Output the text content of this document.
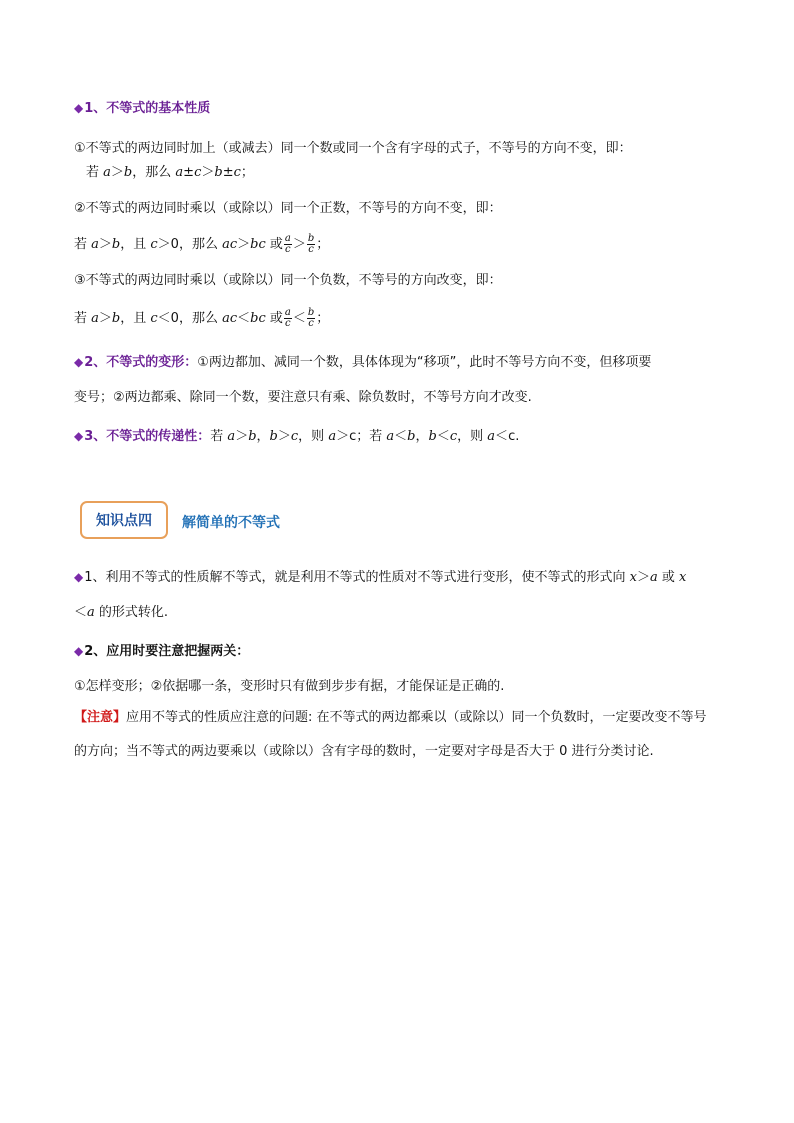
◆1、不等式的基本性质
①不等式的两边同时加上（或减去）同一个数或同一个含有字母的式子，不等号的方向不变，即：
若 a＞b，那么 a±c＞b±c；
②不等式的两边同时乘以（或除以）同一个正数，不等号的方向不变，即：
若 a＞b，且 c＞0，那么 ac＞bc 或 $\frac{a}{c} > \frac{b}{c}$ ；
③不等式的两边同时乘以（或除以）同一个负数，不等号的方向改变，即：
若 a＞b，且 c＜0，那么 ac＜bc 或 $\frac{a}{c} < \frac{b}{c}$ ；
◆2、不等式的变形：①两边都加、减同一个数，具体体现为“移项”，此时不等号方向不变，但移项要
变号；②两边都乘、除同一个数，要注意只有乘、除负数时，不等号方向才改变.
◆3、不等式的传递性：若 a＞b，b＞c，则 a＞c；若 a＜b，b＜c，则 a＜c.
知识点四	解简单的不等式
◆1、利用不等式的性质解不等式，就是利用不等式的性质对不等式进行变形，使不等式的形式向 x＞a 或 x
＜a 的形式转化.
◆2、应用时要注意把握两关：
①怎样变形；②依据哪一条，变形时只有做到步步有据，才能保证是正确的.
【注意】应用不等式的性质应注意的问题: 在不等式的两边都乘以（或除以）同一个负数时，一定要改变不等号
的方向；当不等式的两边要乘以（或除以）含有字母的数时，一定要对字母是否大于 0 进行分类讨论.
